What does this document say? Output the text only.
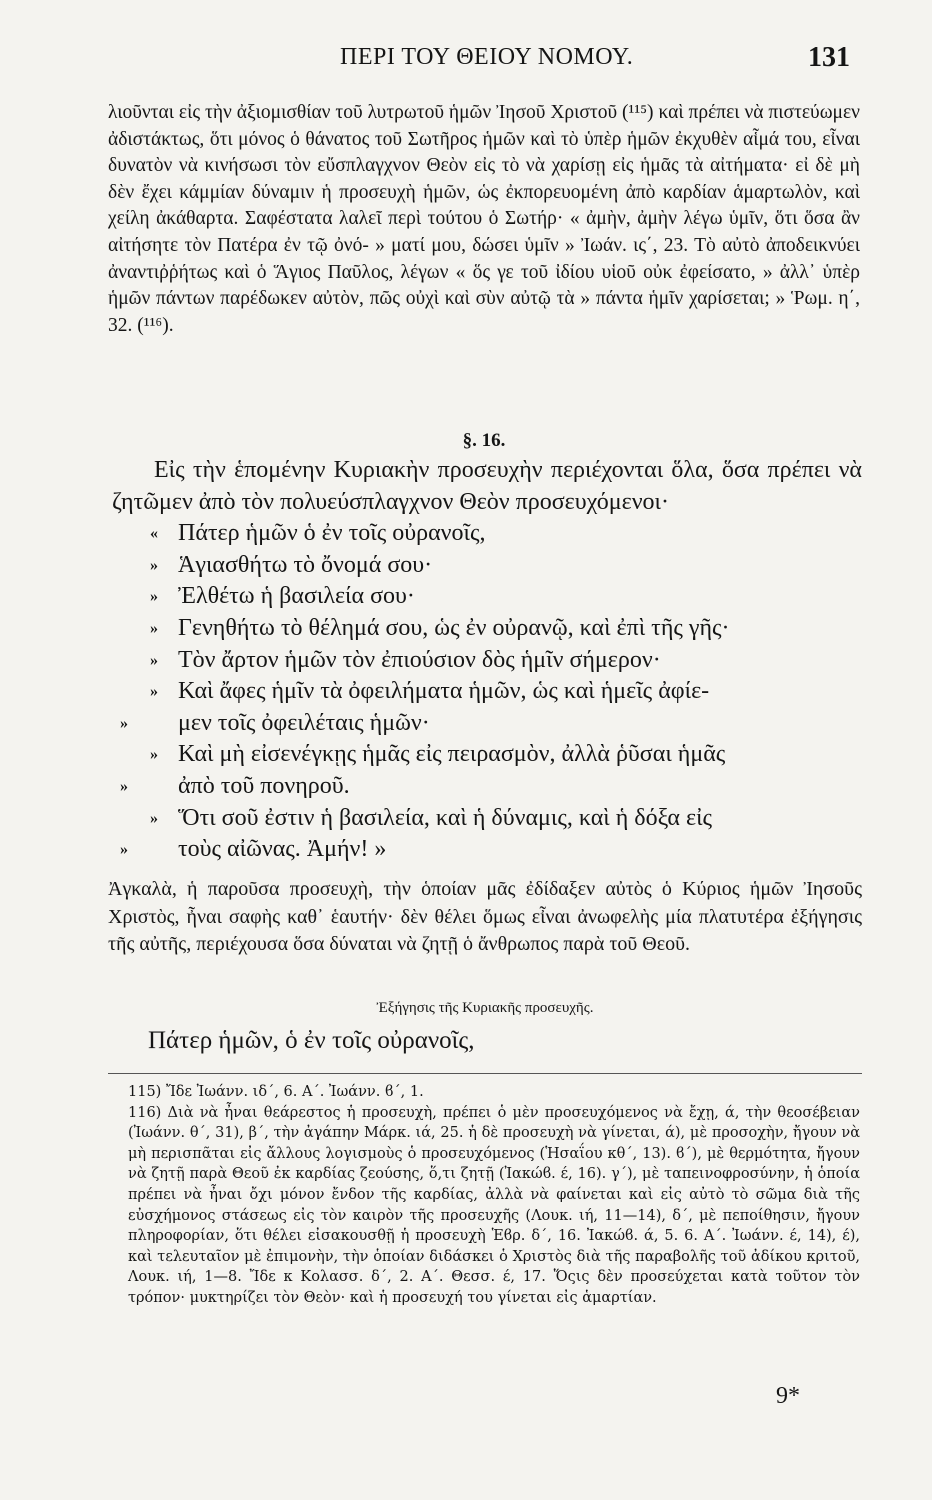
ΠΕΡΙ ΤΟΥ ΘΕΙΟΥ ΝΟΜΟΥ.	131

λιοῦνται εἰς τὴν ἀξιομισθίαν τοῦ λυτρωτοῦ ἡμῶν Ἰησοῦ Χριστοῦ (¹¹⁵) καὶ πρέπει νὰ πιστεύωμεν ἀδιστάκτως, ὅτι μόνος ὁ θάνατος τοῦ Σωτῆρος ἡμῶν καὶ τὸ ὑπὲρ ἡμῶν ἐκχυθὲν αἷμά του, εἶναι δυνατὸν νὰ κινήσωσι τὸν εὔσπλαγχνον Θεὸν εἰς τὸ νὰ χαρίσῃ εἰς ἡμᾶς τὰ αἰτήματα· εἰ δὲ μὴ δὲν ἔχει κάμμίαν δύναμιν ἡ προσευχὴ ἡμῶν, ὡς ἐκπορευομένη ἀπὸ καρδίαν ἁμαρτωλὸν, καὶ χείλη ἀκάθαρτα. Σαφέστατα λαλεῖ περὶ τούτου ὁ Σωτήρ· « ἀμὴν, ἀμὴν λέγω ὑμῖν, ὅτι ὅσα ἂν αἰτήσητε τὸν Πατέρα ἐν τῷ ὀνό- » ματί μου, δώσει ὑμῖν » Ἰωάν. ις΄, 23. Τὸ αὐτὸ ἀποδεικνύει ἀναντιῤῥήτως καὶ ὁ Ἅγιος Παῦλος, λέγων « ὅς γε τοῦ ἰδίου υἱοῦ οὐκ ἐφείσατο, » ἀλλ᾽ ὑπὲρ ἡμῶν πάντων παρέδωκεν αὐτὸν, πῶς οὐχὶ καὶ σὺν αὐτῷ τὰ » πάντα ἡμῖν χαρίσεται; » Ῥωμ. η΄, 32. (¹¹⁶).

§. 16.

Εἰς τὴν ἑπομένην Κυριακὴν προσευχὴν περιέχονται ὅλα, ὅσα πρέπει νὰ ζητῶμεν ἀπὸ τὸν πολυεύσπλαγχνον Θεὸν προσευχόμενοι·

« Πάτερ ἡμῶν ὁ ἐν τοῖς οὐρανοῖς,
» Ἁγιασθήτω τὸ ὄνομά σου·
» Ἐλθέτω ἡ βασιλεία σου·
» Γενηθήτω τὸ θέλημά σου, ὡς ἐν οὐρανῷ, καὶ ἐπὶ τῆς γῆς·
» Τὸν ἄρτον ἡμῶν τὸν ἐπιούσιον δὸς ἡμῖν σήμερον·
» Καὶ ἄφες ἡμῖν τὰ ὀφειλήματα ἡμῶν, ὡς καὶ ἡμεῖς ἀφίε-
»	μεν τοῖς ὀφειλέταις ἡμῶν·
» Καὶ μὴ εἰσενέγκῃς ἡμᾶς εἰς πειρασμὸν, ἀλλὰ ῥῦσαι ἡμᾶς
»	ἀπὸ τοῦ πονηροῦ.
» Ὅτι σοῦ ἐστιν ἡ βασιλεία, καὶ ἡ δύναμις, καὶ ἡ δόξα εἰς
»	τοὺς αἰῶνας. Ἀμήν! »

Ἀγκαλὰ, ἡ παροῦσα προσευχὴ, τὴν ὁποίαν μᾶς ἐδίδαξεν αὐτὸς ὁ Κύριος ἡμῶν Ἰησοῦς Χριστὸς, ἦναι σαφὴς καθ᾽ ἑαυτήν· δὲν θέλει ὅμως εἶναι ἀνωφελὴς μία πλατυτέρα ἐξήγησις τῆς αὐτῆς, περιέχουσα ὅσα δύναται νὰ ζητῇ ὁ ἄνθρωπος παρὰ τοῦ Θεοῦ.

Ἐξήγησις τῆς Κυριακῆς προσευχῆς.
Πάτερ ἡμῶν, ὁ ἐν τοῖς οὐρανοῖς,

115) Ἴδε Ἰωάνν. ιδ΄, 6. Α΄. Ἰωάνν. ϐ΄, 1.

116) Διὰ νὰ ἦναι θεάρεστος ἡ προσευχὴ, πρέπει ὁ μὲν προσευχόμενος νὰ ἔχῃ, ά, τὴν θεοσέβειαν (Ἰωάνν. θ΄, 31), β΄, τὴν ἀγάπην Μάρκ. ιά, 25. ἡ δὲ προσευχὴ νὰ γίνεται, ά), μὲ προσοχὴν, ἤγουν νὰ μὴ περισπᾶται εἰς ἄλλους λογισμοὺς ὁ προσευχόμενος (Ἡσαΐου κθ΄, 13). ϐ΄), μὲ θερμότητα, ἤγουν νὰ ζητῇ παρὰ Θεοῦ ἐκ καρδίας ζεούσης, ὅ,τι ζητῇ (Ἰακώϐ. έ, 16). γ΄), μὲ ταπεινοφροσύνην, ἡ ὁποία πρέπει νὰ ἦναι ὄχι μόνον ἔνδον τῆς καρδίας, ἀλλὰ νὰ φαίνεται καὶ εἰς αὐτὸ τὸ σῶμα διὰ τῆς εὐσχήμονος στάσεως εἰς τὸν καιρὸν τῆς προσευχῆς (Λουκ. ιή, 11—14), δ΄, μὲ πεποίθησιν, ἤγουν πληροφορίαν, ὅτι θέλει εἰσακουσθῇ ἡ προσευχὴ Ἑϐρ. δ΄, 16. Ἰακώϐ. ά, 5. 6. Α΄. Ἰωάνν. έ, 14), έ), καὶ τελευταῖον μὲ ἐπιμονὴν, τὴν ὁποίαν διδάσκει ὁ Χριστὸς διὰ τῆς παραβολῆς τοῦ ἀδίκου κριτοῦ, Λουκ. ιή, 1—8. Ἴδε κ Κολασσ. δ΄, 2. Α΄. Θεσσ. έ, 17. Ὅςις δὲν προσεύχεται κατὰ τοῦτον τὸν τρόπον· μυκτηρίζει τὸν Θεὸν· καὶ ἡ προσευχή του γίνεται εἰς ἁμαρτίαν.

9*
